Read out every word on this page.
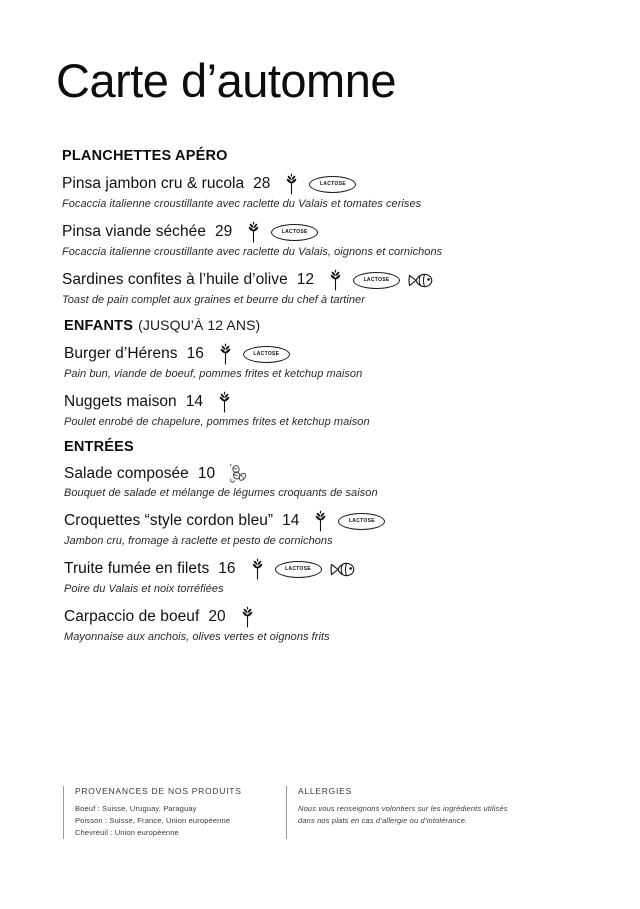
Carte d’automne
PLANCHETTES APÉRO
Pinsa jambon cru & rucola 28	LACTOSE
Focaccia italienne croustillante avec raclette du Valais et tomates cerises
Pinsa viande séchée 29	LACTOSE
Focaccia italienne croustillante avec raclette du Valais, oignons et cornichons
Sardines confites à l’huile d’olive 12	LACTOSE
Toast de pain complet aux graines et beurre du chef à tartiner
ENFANTS (JUSQU’À 12 ANS)
Burger d’Hérens 16	LACTOSE
Pain bun, viande de boeuf, pommes frites et ketchup maison
Nuggets maison 14
Poulet enrobé de chapelure, pommes frites et ketchup maison
ENTRÉES
Salade composée 10
Bouquet de salade et mélange de légumes croquants de saison
Croquettes “style cordon bleu” 14	LACTOSE
Jambon cru, fromage à raclette et pesto de cornichons
Truite fumée en filets 16	LACTOSE
Poire du Valais et noix torréfiées
Carpaccio de boeuf 20
Mayonnaise aux anchois, olives vertes et oignons frits
PROVENANCES DE NOS PRODUITS
Boeuf : Suisse, Uruguay, Paraguay
Poisson : Suisse, France, Union européenne
Chevreuil : Union européenne
ALLERGIES
Nous vous renseignons volontiers sur les ingrédients utilisés
dans nos plats en cas d’allergie ou d’intolérance.
